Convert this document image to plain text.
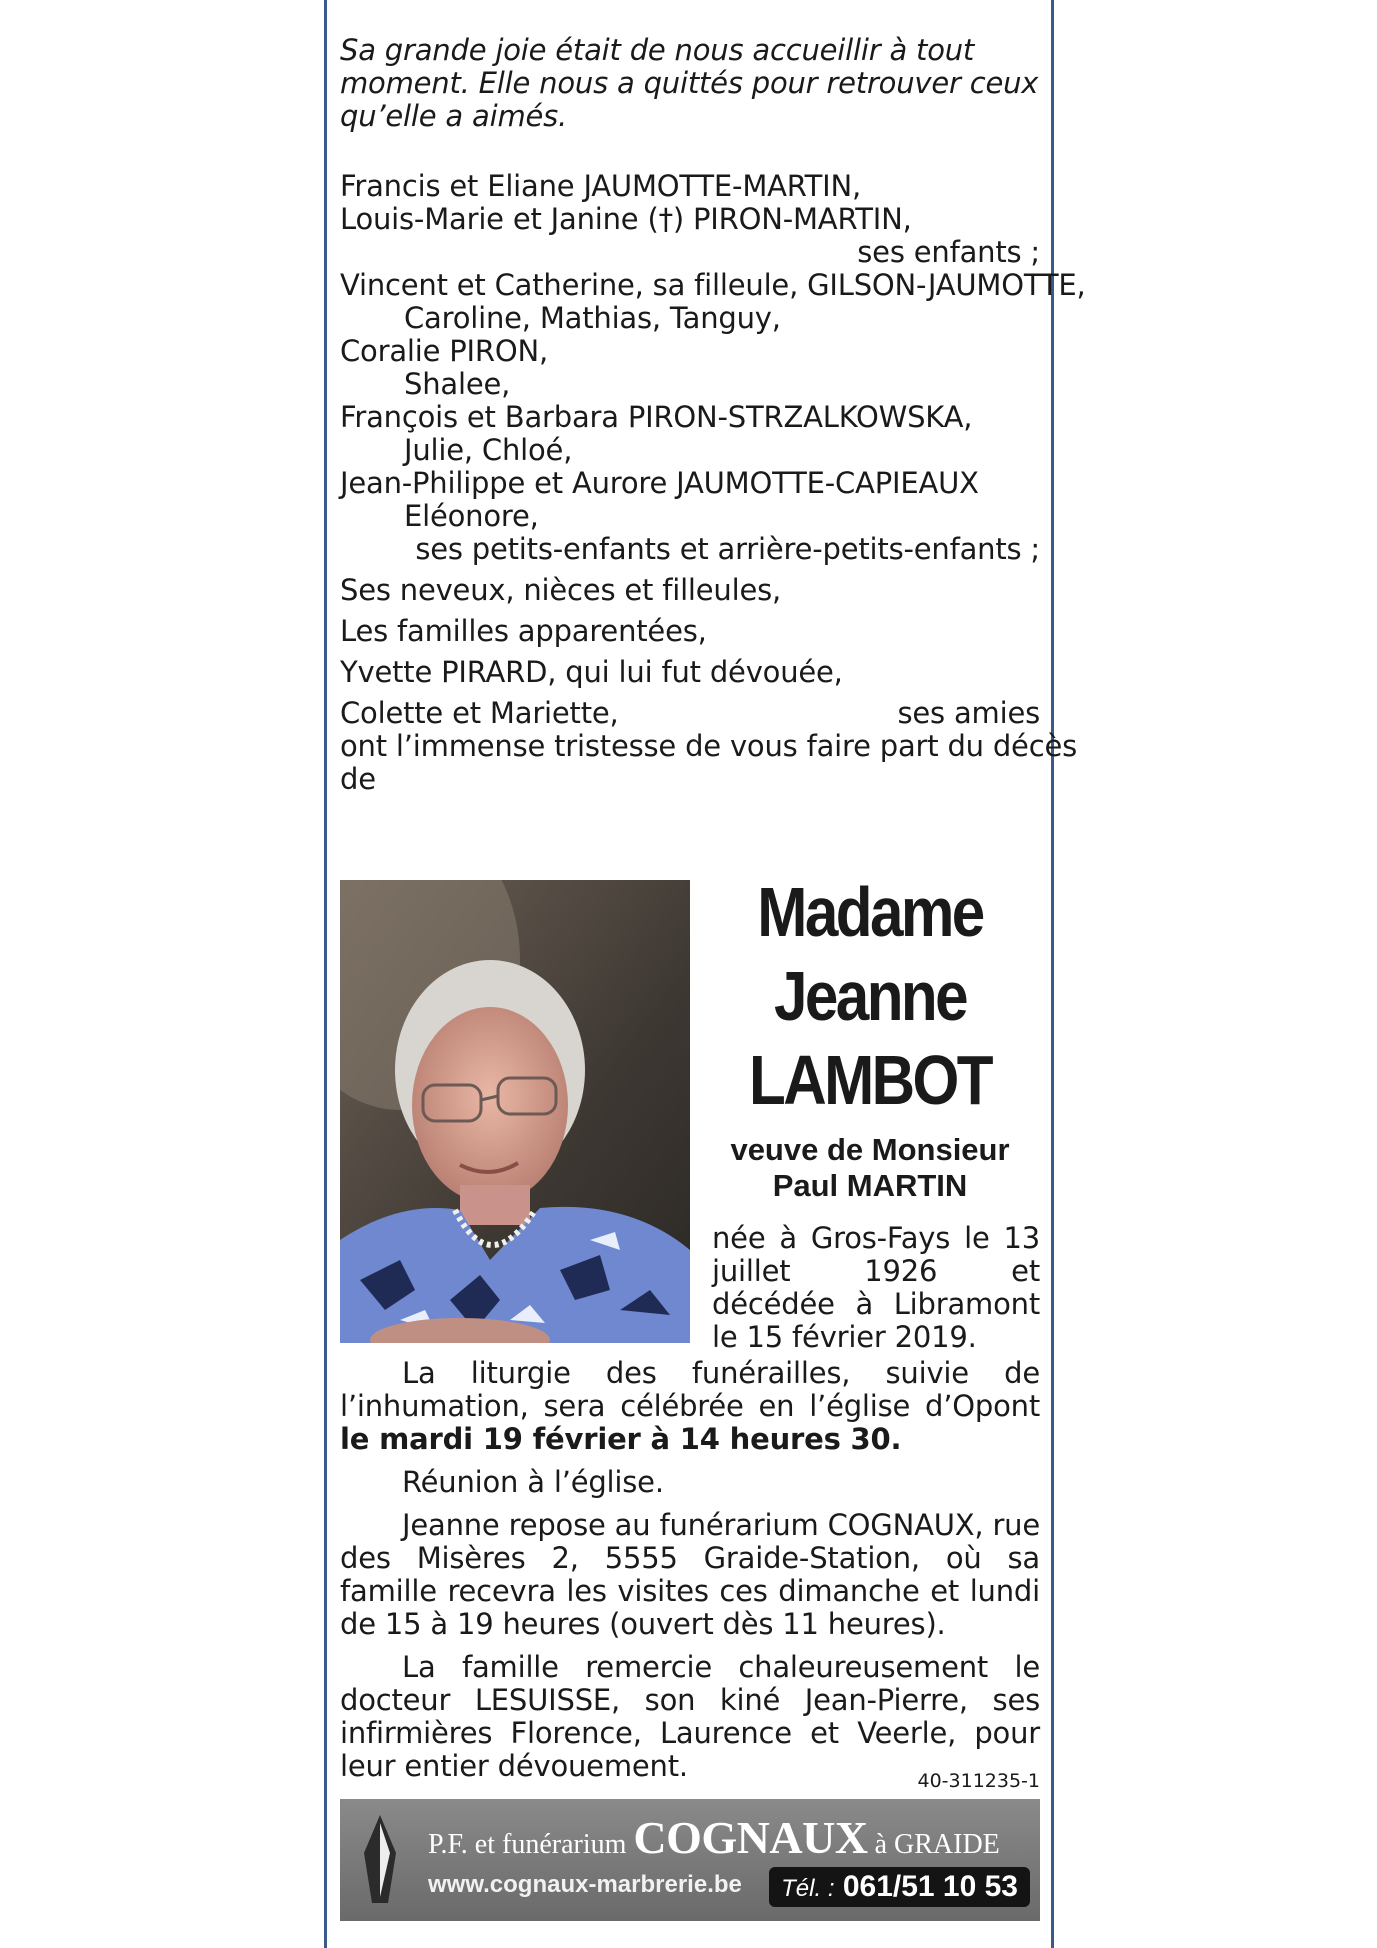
Sa grande joie était de nous accueillir à tout
moment. Elle nous a quittés pour retrouver ceux
qu’elle a aimés.
Francis et Eliane JAUMOTTE-MARTIN,
Louis-Marie et Janine (†) PIRON-MARTIN,
ses enfants ;
Vincent et Catherine, sa filleule, GILSON-JAUMOTTE,
Caroline, Mathias, Tanguy,
Coralie PIRON,
Shalee,
François et Barbara PIRON-STRZALKOWSKA,
Julie, Chloé,
Jean-Philippe et Aurore JAUMOTTE-CAPIEAUX
Eléonore,
ses petits-enfants et arrière-petits-enfants ;
Ses neveux, nièces et filleules,
Les familles apparentées,
Yvette PIRARD, qui lui fut dévouée,
Colette et Mariette,	ses amies
ont l’immense tristesse de vous faire part du décès
de
Madame
Jeanne
LAMBOT
veuve de Monsieur
Paul MARTIN
née à Gros-Fays le 13 juillet 1926 et décédée à Libramont le 15 février 2019.
La liturgie des funérailles, suivie de l’inhumation, sera célébrée en l’église d’Opont le mardi 19 février à 14 heures 30.
Réunion à l’église.
Jeanne repose au funérarium COGNAUX, rue des Misères 2, 5555 Graide-Station, où sa famille recevra les visites ces dimanche et lundi de 15 à 19 heures (ouvert dès 11 heures).
La famille remercie chaleureusement le docteur LESUISSE, son kiné Jean-Pierre, ses infirmières Florence, Laurence et Veerle, pour leur entier dévouement.	40-311235-1
P.F. et funérarium COGNAUX à GRAIDE
www.cognaux-marbrerie.be	Tél. : 061/51 10 53
